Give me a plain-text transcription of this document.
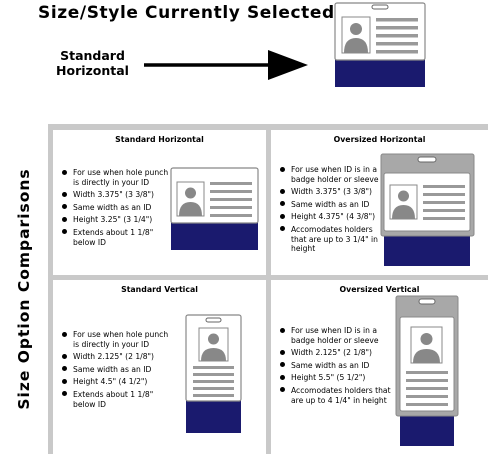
Size/Style Currently Selected
Standard Horizontal
Size Option Comparisons
Standard Horizontal
For use when hole punch is directly in your ID
Width 3.375" (3 3/8")
Same width as an ID
Height 3.25" (3 1/4")
Extends about 1 1/8" below ID
Oversized Horizontal
For use when ID is in a badge holder or sleeve
Width 3.375" (3 3/8")
Same width as an ID
Height 4.375" (4 3/8")
Accomodates holders that are up to 3 1/4" in height
Standard Vertical
For use when hole punch is directly in your ID
Width 2.125" (2 1/8")
Same width as an ID
Height 4.5" (4 1/2")
Extends about 1 1/8" below ID
Oversized Vertical
For use when ID is in a badge holder or sleeve
Width 2.125" (2 1/8")
Same width as an ID
Height 5.5" (5 1/2")
Accomodates holders that are up to 4 1/4" in height
